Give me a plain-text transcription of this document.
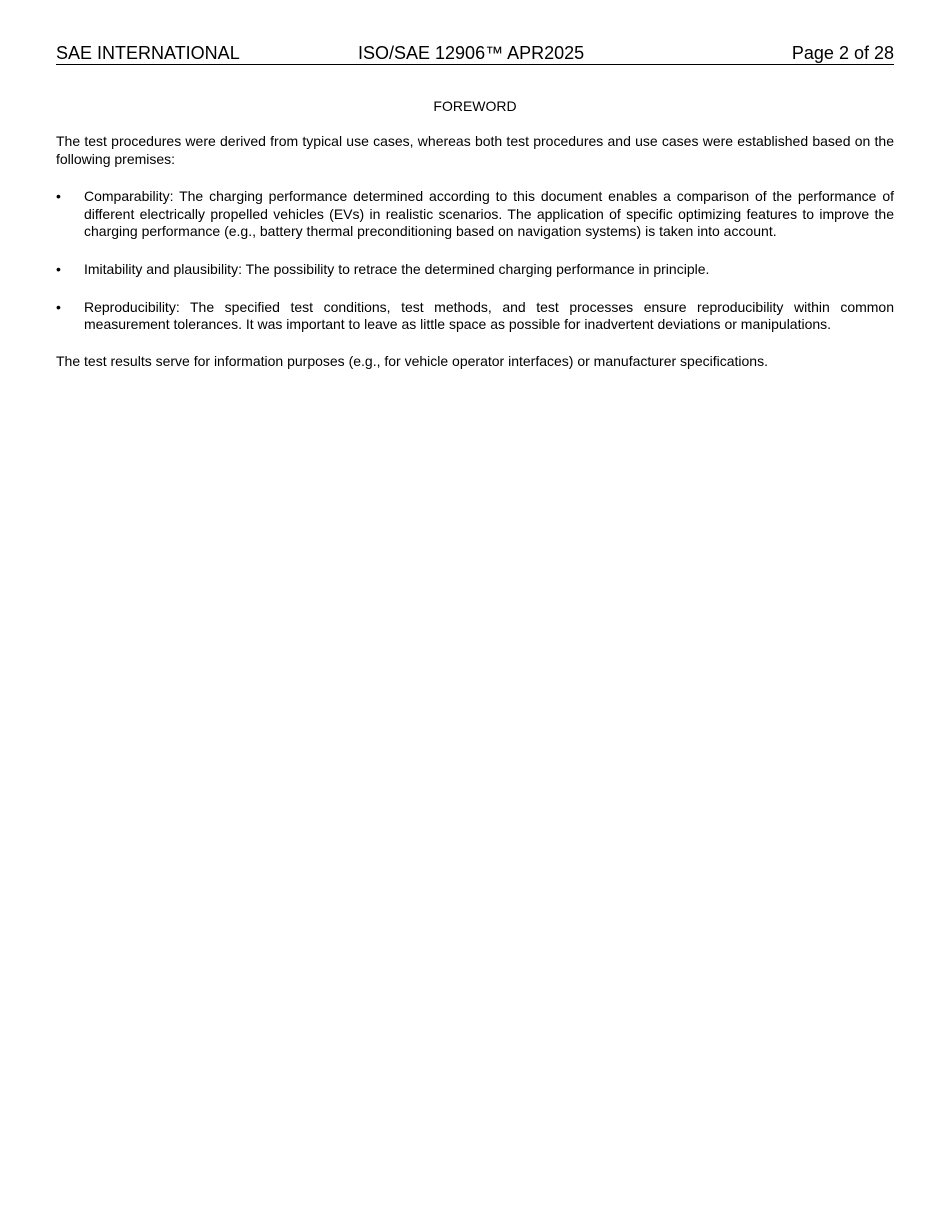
SAE INTERNATIONAL	ISO/SAE 12906™ APR2025	Page 2 of 28
FOREWORD

The test procedures were derived from typical use cases, whereas both test procedures and use cases were established based on the following premises:

•	Comparability: The charging performance determined according to this document enables a comparison of the performance of different electrically propelled vehicles (EVs) in realistic scenarios. The application of specific optimizing features to improve the charging performance (e.g., battery thermal preconditioning based on navigation systems) is taken into account.
•	Imitability and plausibility: The possibility to retrace the determined charging performance in principle.
•	Reproducibility: The specified test conditions, test methods, and test processes ensure reproducibility within common measurement tolerances. It was important to leave as little space as possible for inadvertent deviations or manipulations.

The test results serve for information purposes (e.g., for vehicle operator interfaces) or manufacturer specifications.
